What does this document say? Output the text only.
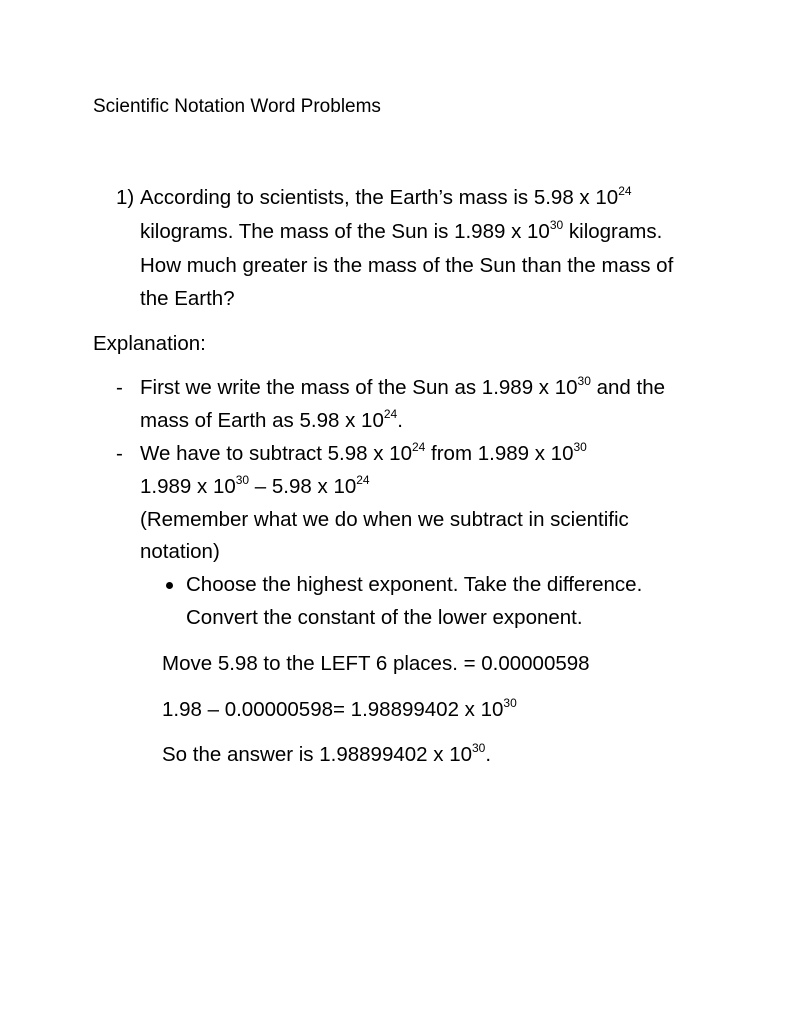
Scientific Notation Word Problems
1) According to scientists, the Earth’s mass is 5.98 x $10^{24}$
kilograms. The mass of the Sun is 1.989 x $10^{30}$ kilograms.
How much greater is the mass of the Sun than the mass of
the Earth?
Explanation:
- First we write the mass of the Sun as 1.989 x $10^{30}$ and the
mass of Earth as 5.98 x $10^{24}$.
- We have to subtract 5.98 x $10^{24}$ from 1.989 x $10^{30}$
1.989 x $10^{30} - 5.98$ x $10^{24}$
(Remember what we do when we subtract in scientific
notation)
Choose the highest exponent. Take the difference.
Convert the constant of the lower exponent.
Move 5.98 to the LEFT 6 places. = 0.00000598
1.98 – 0.00000598= 1.98899402 x $10^{30}$
So the answer is 1.98899402 x $10^{30}$.
